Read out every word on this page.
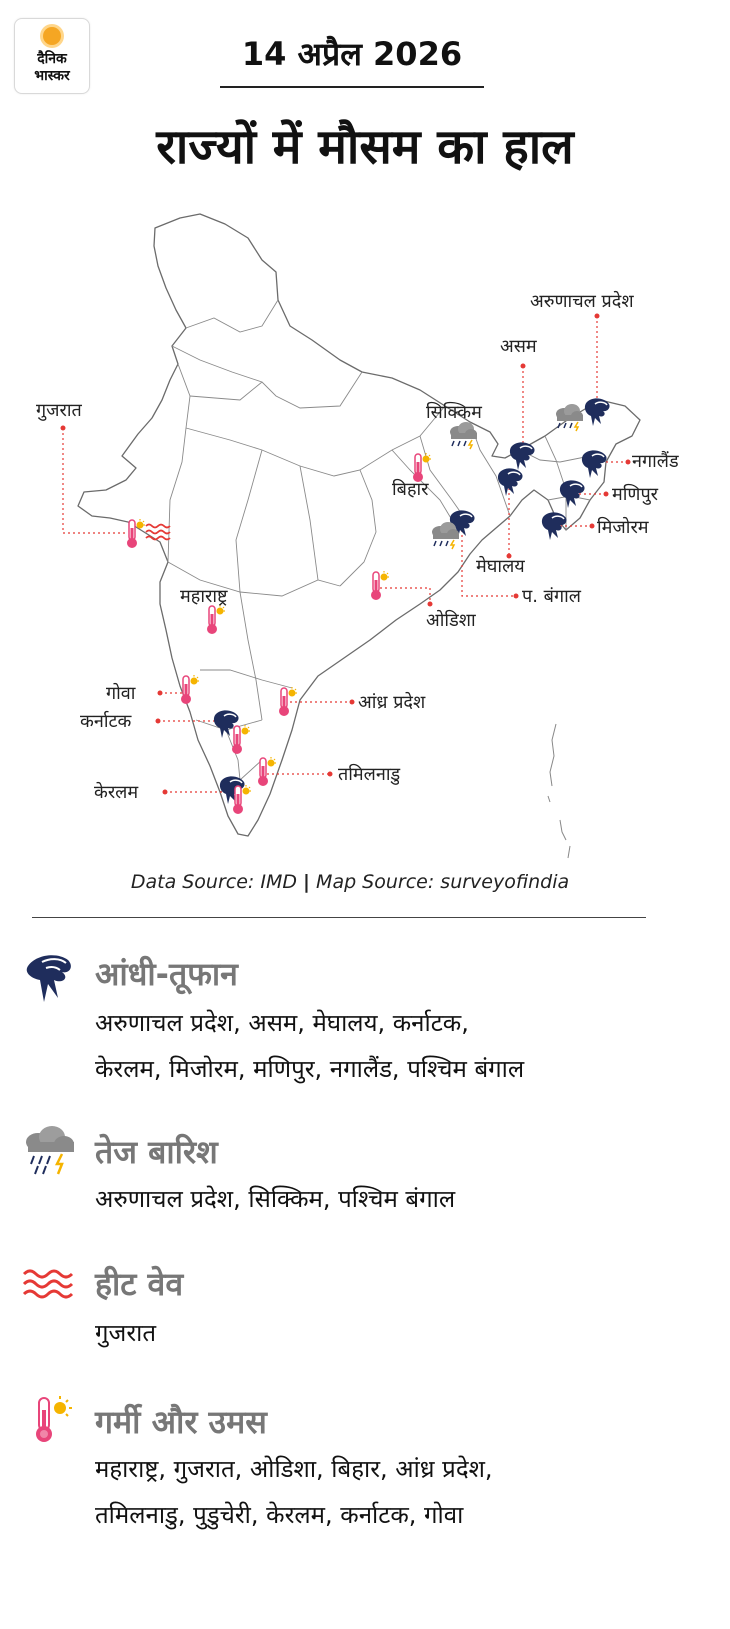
दैनिक
भास्कर
14 अप्रैल 2026
राज्यों में मौसम का हाल
अरुणाचल प्रदेश
असम
नगालैंड
मणिपुर
मिजोरम
मेघालय
प. बंगाल
ओडिशा
सिक्किम
बिहार
गुजरात
महाराष्ट्र
गोवा
कर्नाटक
आंध्र प्रदेश
तमिलनाडु
केरलम
Data Source: IMD | Map Source: surveyofindia
आंधी-तूफान
अरुणाचल प्रदेश, असम, मेघालय, कर्नाटक,
केरलम, मिजोरम, मणिपुर, नगालैंड, पश्चिम बंगाल
तेज बारिश
अरुणाचल प्रदेश, सिक्किम, पश्चिम बंगाल
हीट वेव
गुजरात
गर्मी और उमस
महाराष्ट्र, गुजरात, ओडिशा, बिहार, आंध्र प्रदेश,
तमिलनाडु, पुडुचेरी, केरलम, कर्नाटक, गोवा
